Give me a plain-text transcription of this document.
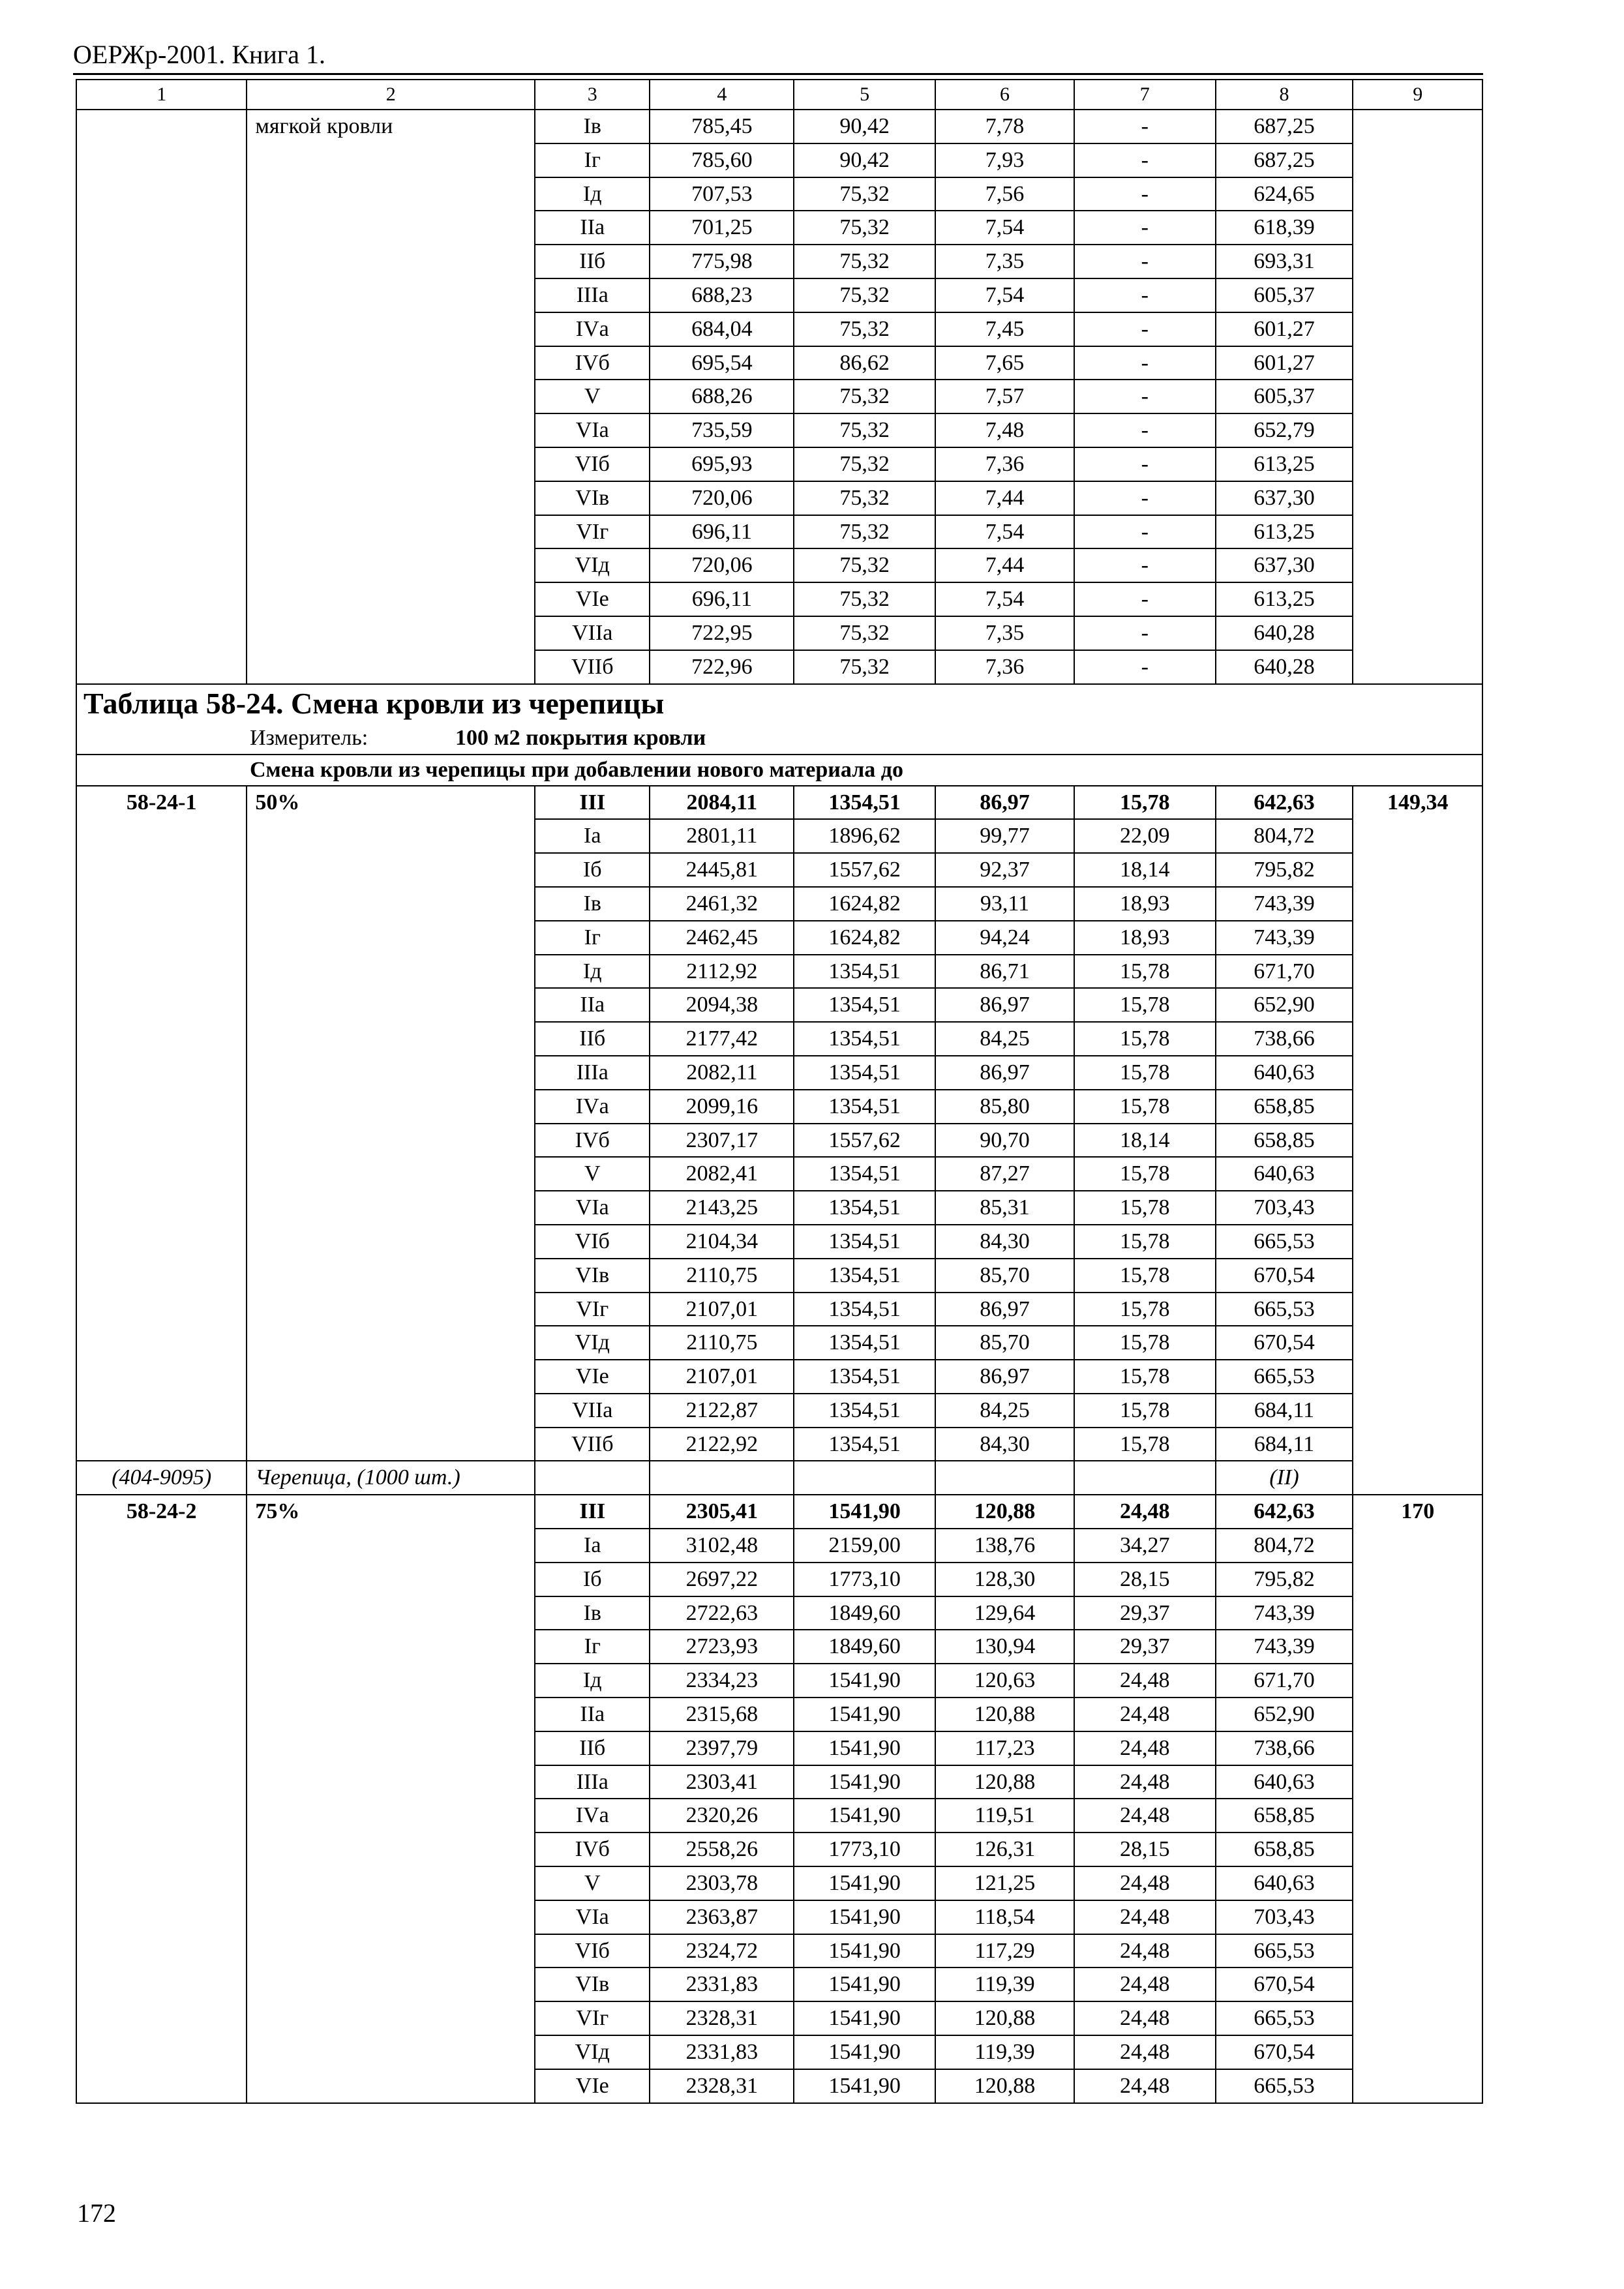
ОЕРЖр-2001. Книга 1.
1	2	3	4	5	6	7	8	9
	мягкой кровли	Iв	785,45	90,42	7,78	-	687,25	
		Iг	785,60	90,42	7,93	-	687,25	
		Iд	707,53	75,32	7,56	-	624,65	
		IIа	701,25	75,32	7,54	-	618,39	
		IIб	775,98	75,32	7,35	-	693,31	
		IIIа	688,23	75,32	7,54	-	605,37	
		IVа	684,04	75,32	7,45	-	601,27	
		IVб	695,54	86,62	7,65	-	601,27	
		V	688,26	75,32	7,57	-	605,37	
		VIа	735,59	75,32	7,48	-	652,79	
		VIб	695,93	75,32	7,36	-	613,25	
		VIв	720,06	75,32	7,44	-	637,30	
		VIг	696,11	75,32	7,54	-	613,25	
		VIд	720,06	75,32	7,44	-	637,30	
		VIе	696,11	75,32	7,54	-	613,25	
		VIIа	722,95	75,32	7,35	-	640,28	
		VIIб	722,96	75,32	7,36	-	640,28	
Таблица 58-24. Смена кровли из черепицы								
Измеритель: 100 м2 покрытия кровли								
Смена кровли из черепицы при добавлении нового материала до								
58-24-1	50%	III	2084,11	1354,51	86,97	15,78	642,63	149,34
		Iа	2801,11	1896,62	99,77	22,09	804,72	
		Iб	2445,81	1557,62	92,37	18,14	795,82	
		Iв	2461,32	1624,82	93,11	18,93	743,39	
		Iг	2462,45	1624,82	94,24	18,93	743,39	
		Iд	2112,92	1354,51	86,71	15,78	671,70	
		IIа	2094,38	1354,51	86,97	15,78	652,90	
		IIб	2177,42	1354,51	84,25	15,78	738,66	
		IIIа	2082,11	1354,51	86,97	15,78	640,63	
		IVа	2099,16	1354,51	85,80	15,78	658,85	
		IVб	2307,17	1557,62	90,70	18,14	658,85	
		V	2082,41	1354,51	87,27	15,78	640,63	
		VIа	2143,25	1354,51	85,31	15,78	703,43	
		VIб	2104,34	1354,51	84,30	15,78	665,53	
		VIв	2110,75	1354,51	85,70	15,78	670,54	
		VIг	2107,01	1354,51	86,97	15,78	665,53	
		VIд	2110,75	1354,51	85,70	15,78	670,54	
		VIе	2107,01	1354,51	86,97	15,78	665,53	
		VIIа	2122,87	1354,51	84,25	15,78	684,11	
		VIIб	2122,92	1354,51	84,30	15,78	684,11	
(404-9095)	Черепица, (1000 шт.)						(II)	
58-24-2	75%	III	2305,41	1541,90	120,88	24,48	642,63	170
		Iа	3102,48	2159,00	138,76	34,27	804,72	
		Iб	2697,22	1773,10	128,30	28,15	795,82	
		Iв	2722,63	1849,60	129,64	29,37	743,39	
		Iг	2723,93	1849,60	130,94	29,37	743,39	
		Iд	2334,23	1541,90	120,63	24,48	671,70	
		IIа	2315,68	1541,90	120,88	24,48	652,90	
		IIб	2397,79	1541,90	117,23	24,48	738,66	
		IIIа	2303,41	1541,90	120,88	24,48	640,63	
		IVа	2320,26	1541,90	119,51	24,48	658,85	
		IVб	2558,26	1773,10	126,31	28,15	658,85	
		V	2303,78	1541,90	121,25	24,48	640,63	
		VIа	2363,87	1541,90	118,54	24,48	703,43	
		VIб	2324,72	1541,90	117,29	24,48	665,53	
		VIв	2331,83	1541,90	119,39	24,48	670,54	
		VIг	2328,31	1541,90	120,88	24,48	665,53	
		VIд	2331,83	1541,90	119,39	24,48	670,54	
		VIе	2328,31	1541,90	120,88	24,48	665,53	
172
